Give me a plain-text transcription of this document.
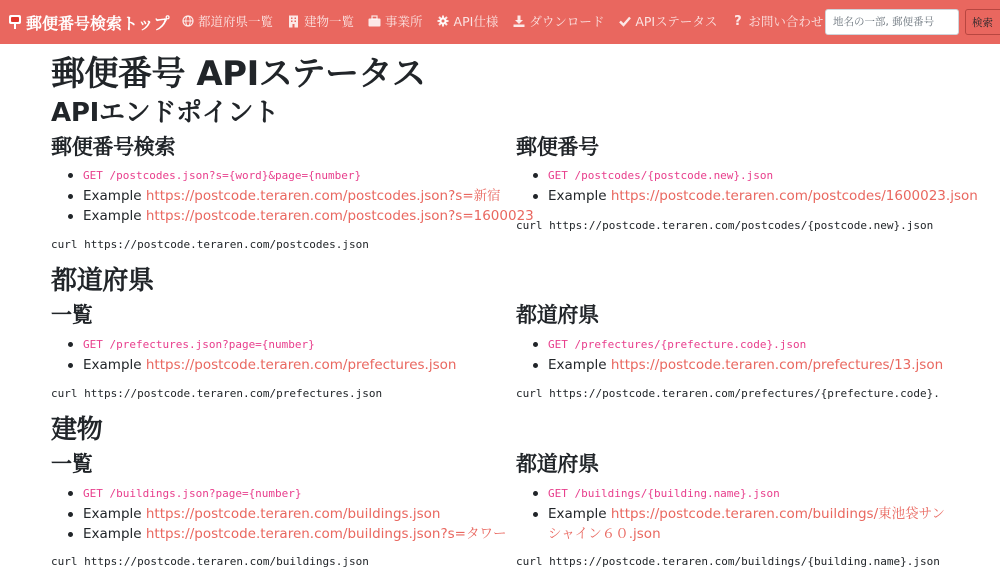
郵便番号検索トップ 都道府県一覧 建物一覧 事業所 API仕様 ダウンロード APIステータス ? お問い合わせ
地名の一部, 郵便番号	検索
郵便番号 APIステータス
APIエンドポイント
郵便番号検索
GET /postcodes.json?s={word}&page={number}
Example https://postcode.teraren.com/postcodes.json?s=新宿
Example https://postcode.teraren.com/postcodes.json?s=1600023
curl https://postcode.teraren.com/postcodes.json
郵便番号
GET /postcodes/{postcode.new}.json
Example https://postcode.teraren.com/postcodes/1600023.json
curl https://postcode.teraren.com/postcodes/{postcode.new}.json
都道府県
一覧
GET /prefectures.json?page={number}
Example https://postcode.teraren.com/prefectures.json
curl https://postcode.teraren.com/prefectures.json
都道府県
GET /prefectures/{prefecture.code}.json
Example https://postcode.teraren.com/prefectures/13.json
curl https://postcode.teraren.com/prefectures/{prefecture.code}.
建物
一覧
GET /buildings.json?page={number}
Example https://postcode.teraren.com/buildings.json
Example https://postcode.teraren.com/buildings.json?s=タワー
curl https://postcode.teraren.com/buildings.json
都道府県
GET /buildings/{building.name}.json
Example https://postcode.teraren.com/buildings/東池袋サンシャイン６０.json
curl https://postcode.teraren.com/buildings/{building.name}.json
